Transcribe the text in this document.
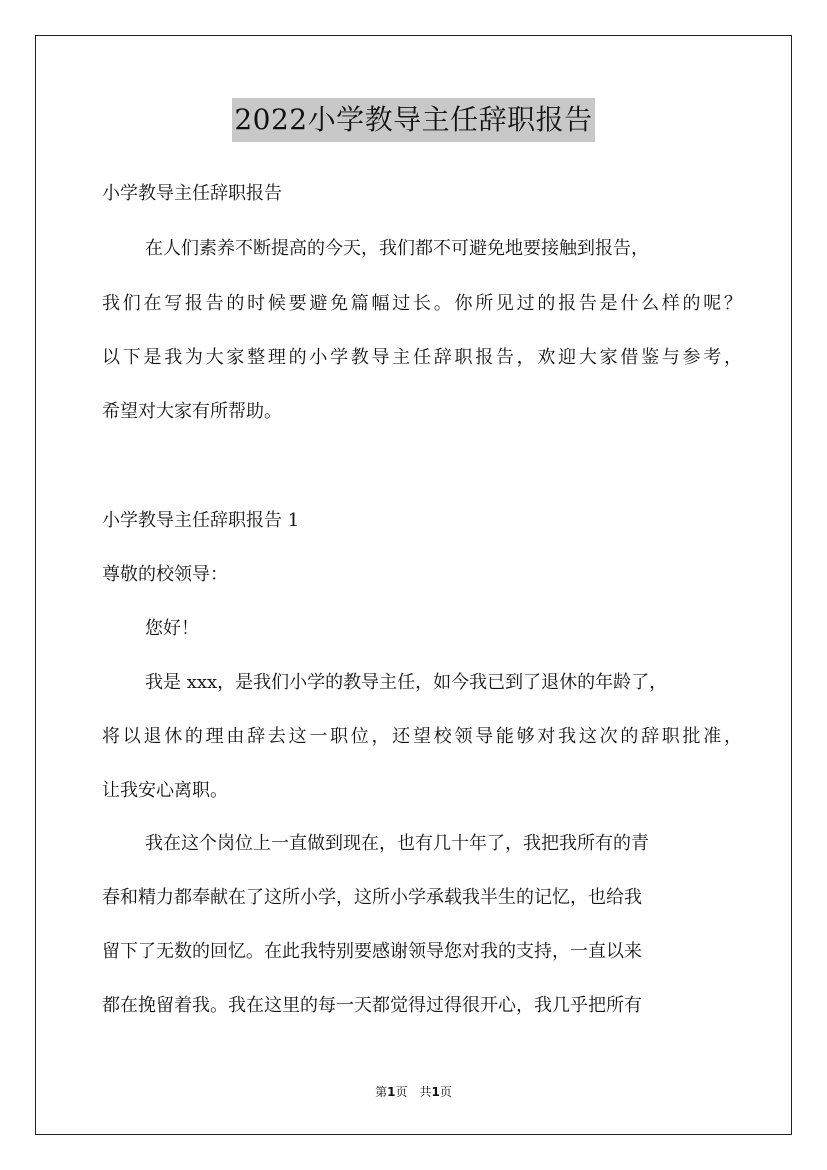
2022小学教导主任辞职报告
小学教导主任辞职报告
在人们素养不断提高的今天，我们都不可避免地要接触到报告，
我们在写报告的时候要避免篇幅过长。你所见过的报告是什么样的呢？
以下是我为大家整理的小学教导主任辞职报告，欢迎大家借鉴与参考，
希望对大家有所帮助。
小学教导主任辞职报告 1
尊敬的校领导：
您好！
我是 xxx，是我们小学的教导主任，如今我已到了退休的年龄了，
将以退休的理由辞去这一职位，还望校领导能够对我这次的辞职批准，
让我安心离职。
我在这个岗位上一直做到现在，也有几十年了，我把我所有的青
春和精力都奉献在了这所小学，这所小学承载我半生的记忆，也给我
留下了无数的回忆。在此我特别要感谢领导您对我的支持，一直以来
都在挽留着我。我在这里的每一天都觉得过得很开心，我几乎把所有
第1页 共1页
